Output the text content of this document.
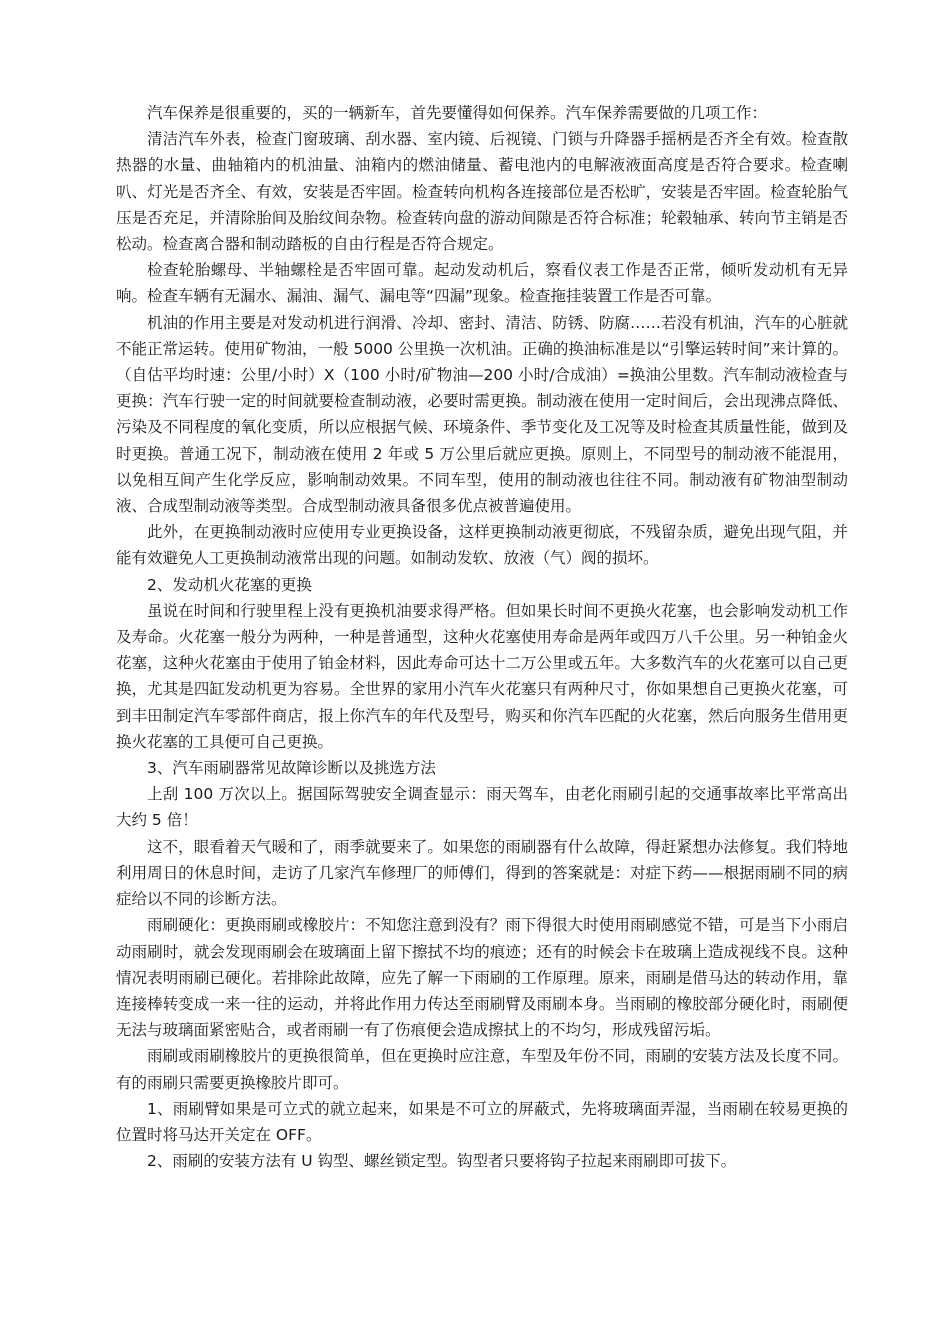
汽车保养是很重要的，买的一辆新车，首先要懂得如何保养。汽车保养需要做的几项工作：

清洁汽车外表，检查门窗玻璃、刮水器、室内镜、后视镜、门锁与升降器手摇柄是否齐全有效。检查散热器的水量、曲轴箱内的机油量、油箱内的燃油储量、蓄电池内的电解液液面高度是否符合要求。检查喇叭、灯光是否齐全、有效，安装是否牢固。检查转向机构各连接部位是否松旷，安装是否牢固。检查轮胎气压是否充足，并清除胎间及胎纹间杂物。检查转向盘的游动间隙是否符合标准；轮毂轴承、转向节主销是否松动。检查离合器和制动踏板的自由行程是否符合规定。

检查轮胎螺母、半轴螺栓是否牢固可靠。起动发动机后，察看仪表工作是否正常，倾听发动机有无异响。检查车辆有无漏水、漏油、漏气、漏电等“四漏”现象。检查拖挂装置工作是否可靠。

机油的作用主要是对发动机进行润滑、冷却、密封、清洁、防锈、防腐……若没有机油，汽车的心脏就不能正常运转。使用矿物油，一般 5000 公里换一次机油。正确的换油标准是以“引擎运转时间”来计算的。（自估平均时速：公里/小时）X（100 小时/矿物油—200 小时/合成油）=换油公里数。汽车制动液检查与更换：汽车行驶一定的时间就要检查制动液，必要时需更换。制动液在使用一定时间后，会出现沸点降低、污染及不同程度的氧化变质，所以应根据气候、环境条件、季节变化及工况等及时检查其质量性能，做到及时更换。普通工况下，制动液在使用 2 年或 5 万公里后就应更换。原则上，不同型号的制动液不能混用，以免相互间产生化学反应，影响制动效果。不同车型，使用的制动液也往往不同。制动液有矿物油型制动液、合成型制动液等类型。合成型制动液具备很多优点被普遍使用。

此外，在更换制动液时应使用专业更换设备，这样更换制动液更彻底，不残留杂质，避免出现气阻，并能有效避免人工更换制动液常出现的问题。如制动发软、放液（气）阀的损坏。

2、发动机火花塞的更换

虽说在时间和行驶里程上没有更换机油要求得严格。但如果长时间不更换火花塞，也会影响发动机工作及寿命。火花塞一般分为两种，一种是普通型，这种火花塞使用寿命是两年或四万八千公里。另一种铂金火花塞，这种火花塞由于使用了铂金材料，因此寿命可达十二万公里或五年。大多数汽车的火花塞可以自己更换，尤其是四缸发动机更为容易。全世界的家用小汽车火花塞只有两种尺寸，你如果想自己更换火花塞，可到丰田制定汽车零部件商店，报上你汽车的年代及型号，购买和你汽车匹配的火花塞，然后向服务生借用更换火花塞的工具便可自己更换。

3、汽车雨刷器常见故障诊断以及挑选方法

上刮 100 万次以上。据国际驾驶安全调查显示：雨天驾车，由老化雨刷引起的交通事故率比平常高出大约 5 倍！

这不，眼看着天气暖和了，雨季就要来了。如果您的雨刷器有什么故障，得赶紧想办法修复。我们特地利用周日的休息时间，走访了几家汽车修理厂的师傅们，得到的答案就是：对症下药——根据雨刷不同的病症给以不同的诊断方法。

雨刷硬化：更换雨刷或橡胶片：不知您注意到没有？雨下得很大时使用雨刷感觉不错，可是当下小雨启动雨刷时，就会发现雨刷会在玻璃面上留下擦拭不均的痕迹；还有的时候会卡在玻璃上造成视线不良。这种情况表明雨刷已硬化。若排除此故障，应先了解一下雨刷的工作原理。原来，雨刷是借马达的转动作用，靠连接棒转变成一来一往的运动，并将此作用力传达至雨刷臂及雨刷本身。当雨刷的橡胶部分硬化时，雨刷便无法与玻璃面紧密贴合，或者雨刷一有了伤痕便会造成擦拭上的不均匀，形成残留污垢。

雨刷或雨刷橡胶片的更换很简单，但在更换时应注意，车型及年份不同，雨刷的安装方法及长度不同。有的雨刷只需要更换橡胶片即可。

1、雨刷臂如果是可立式的就立起来，如果是不可立的屏蔽式，先将玻璃面弄湿，当雨刷在较易更换的位置时将马达开关定在 OFF。

2、雨刷的安装方法有 U 钩型、螺丝锁定型。钩型者只要将钩子拉起来雨刷即可拔下。
